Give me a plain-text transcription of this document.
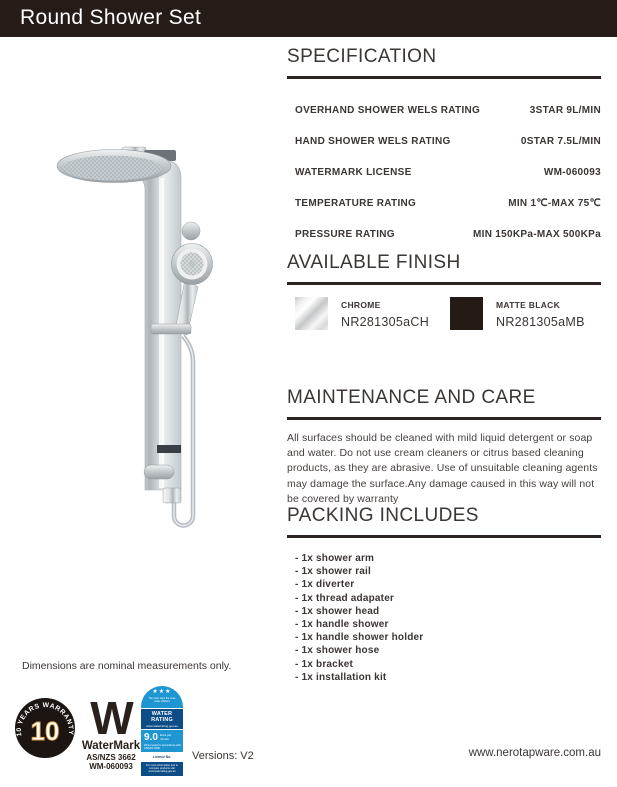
Round Shower Set
SPECIFICATION
OVERHAND SHOWER WELS RATING	3STAR 9L/MIN
HAND SHOWER WELS RATING	0STAR 7.5L/MIN
WATERMARK LICENSE	WM-060093
TEMPERATURE RATING	MIN 1℃-MAX 75℃
PRESSURE RATING	MIN 150KPa-MAX 500KPa
AVAILABLE FINISH
CHROME
NR281305aCH
MATTE BLACK
NR281305aMB
MAINTENANCE AND CARE
All surfaces should be cleaned with mild liquid detergent or soap and water. Do not use cream cleaners or citrus based cleaning products, as they are abrasive. Use of unsuitable cleaning agents may damage the surface.Any damage caused in this way will not be covered by warranty
PACKING INCLUDES
- 1x shower arm
- 1x shower rail
- 1x diverter
- 1x thread adapater
- 1x shower head
- 1x handle shower
- 1x handle shower holder
- 1x shower hose
- 1x bracket
- 1x installation kit
Dimensions are nominal measurements only.
10 YEARS WARRANTY
10 W
WaterMark
AS/NZS 3662
WM-060093
★★★
The more stars the more water efficient
WATER RATING
www.waterrating.gov.au
9.0 litres per
minute
When tested in accordance with AS/NZS 6400
Licence No.
For more information and to compare products visit www.waterrating.gov.au
Versions: V2	www.nerotapware.com.au
